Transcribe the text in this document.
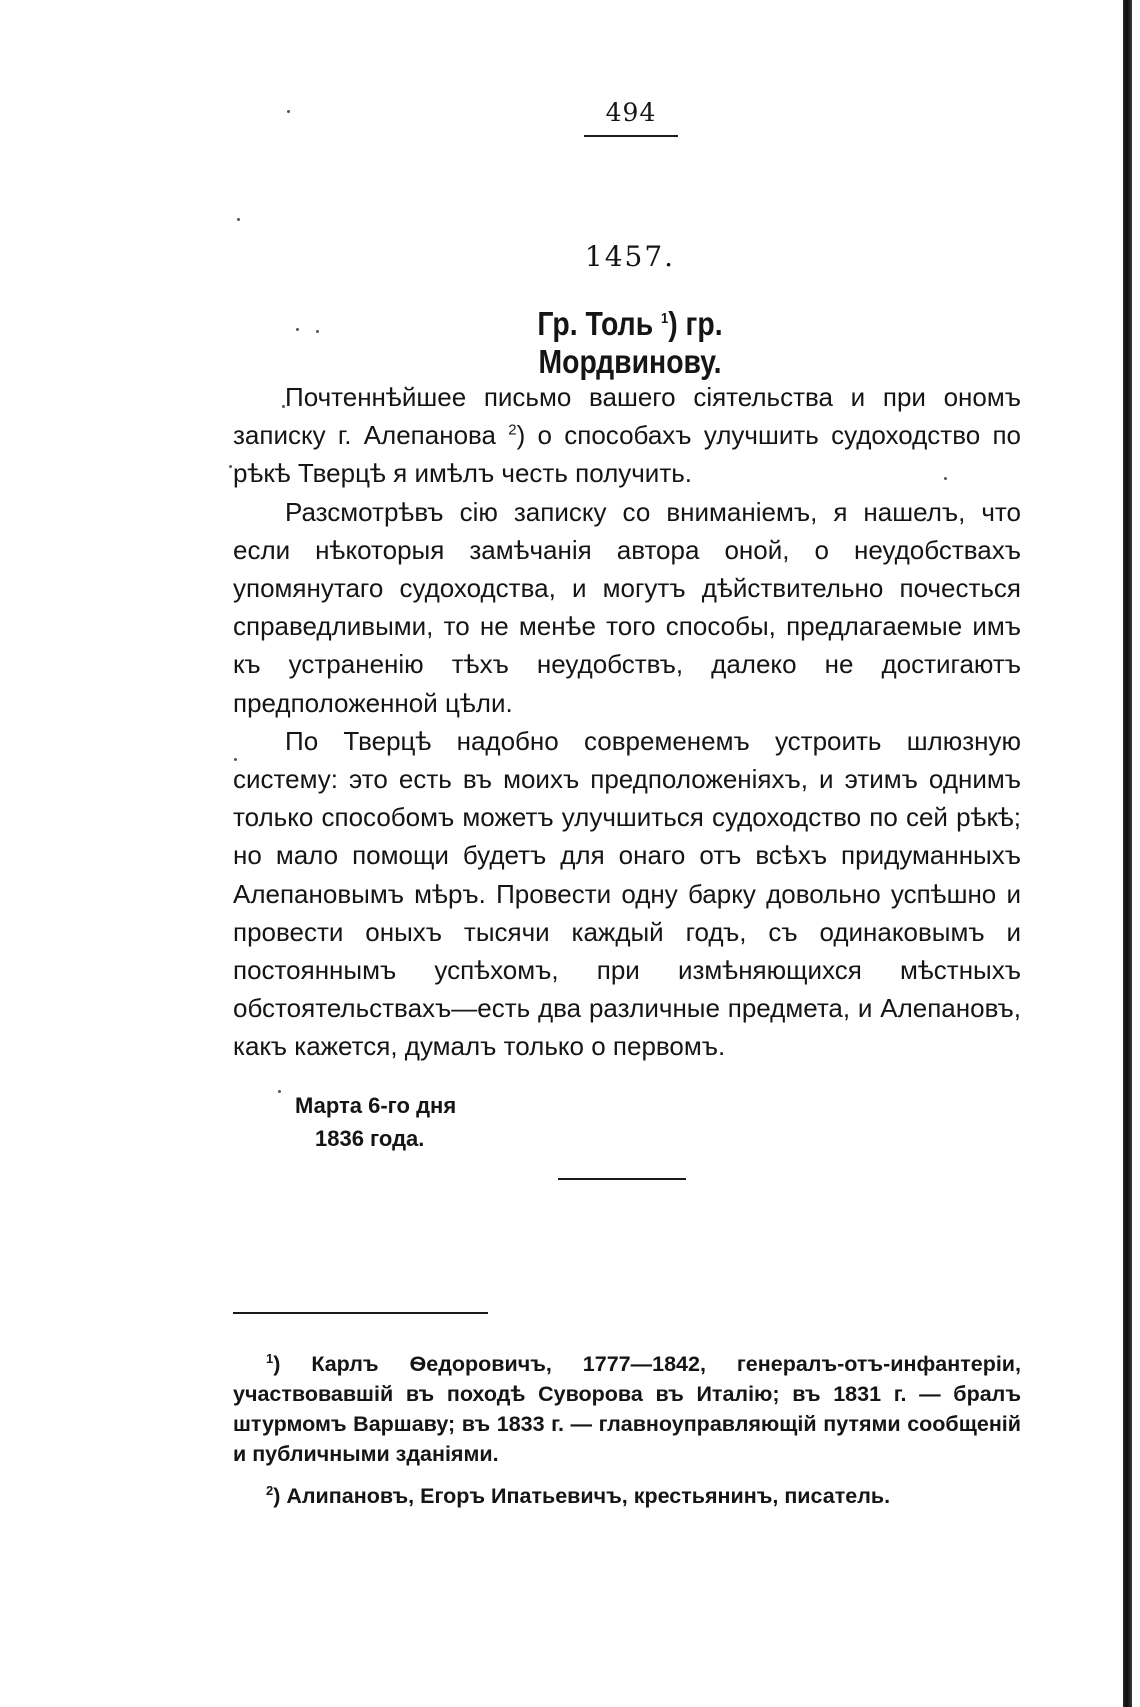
494
1457.
Гр. Толь $^1$) гр. Мордвинову.

Почтеннѣйшее письмо вашего сіятельства и при ономъ записку г. Алепанова $^2$) о способахъ улучшить судоходство по рѣкѣ Тверцѣ я имѣлъ честь получить.

Разсмотрѣвъ сію записку со вниманіемъ, я нашелъ, что если нѣкоторыя замѣчанія автора оной, о неудобствахъ упомянутаго судоходства, и могутъ дѣйствительно почесться справедливыми, то не менѣе того способы, предлагаемые имъ къ устраненію тѣхъ неудобствъ, далеко не достигаютъ предположенной цѣли.

По Тверцѣ надобно современемъ устроить шлюзную систему: это есть въ моихъ предположеніяхъ, и этимъ однимъ только способомъ можетъ улучшиться судоходство по сей рѣкѣ; но мало помощи будетъ для онаго отъ всѣхъ придуманныхъ Алепановымъ мѣръ. Провести одну барку довольно успѣшно и провести оныхъ тысячи каждый годъ, съ одинаковымъ и постояннымъ успѣхомъ, при измѣняющихся мѣстныхъ обстоятельствахъ—есть два различные предмета, и Алепановъ, какъ кажется, думалъ только о первомъ.

Марта 6-го дня
1836 года.

$^1$) Карлъ Ѳедоровичъ, 1777—1842, генералъ-отъ-инфантеріи, участвовавшій въ походѣ Суворова въ Италію; въ 1831 г. — бралъ штурмомъ Варшаву; въ 1833 г. — главноуправляющій путями сообщеній и публичными зданіями.

$^2$) Алипановъ, Егоръ Ипатьевичъ, крестьянинъ, писатель.
